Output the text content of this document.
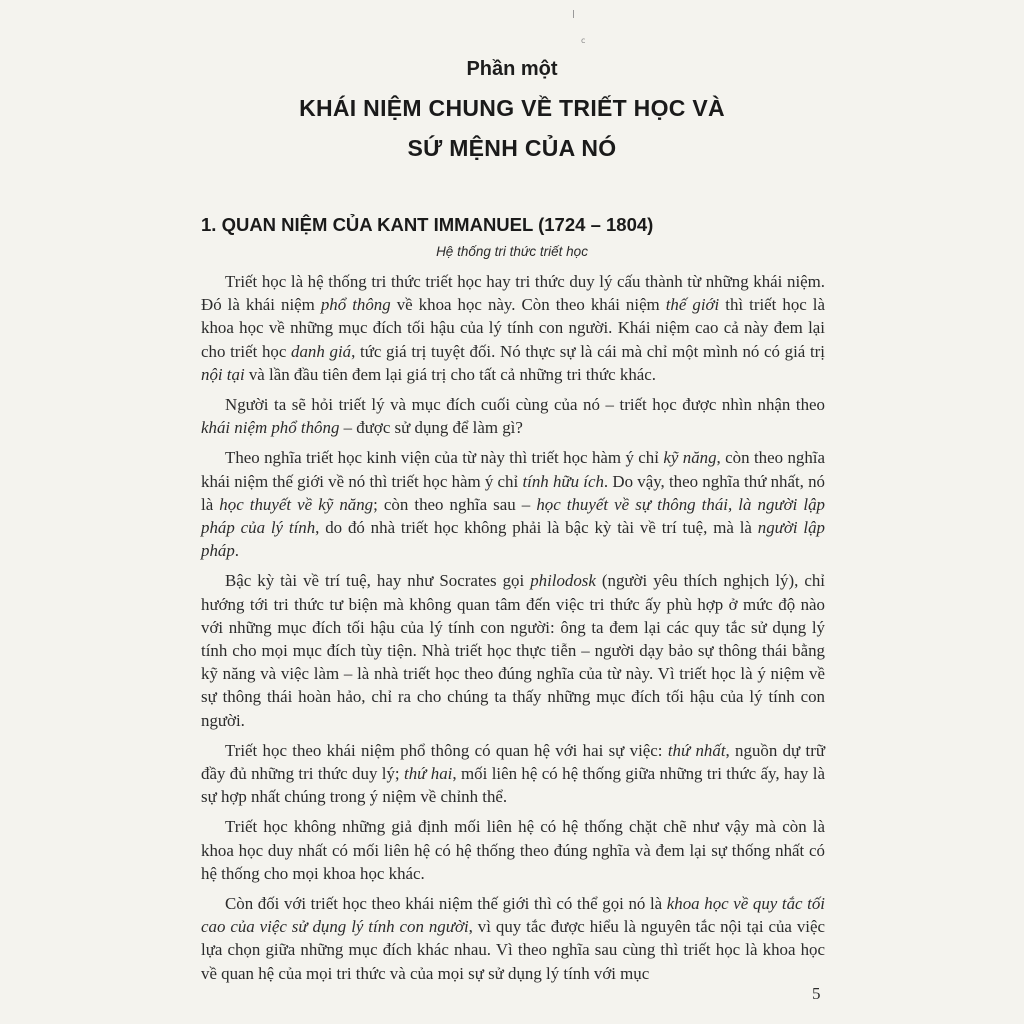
c
Phần một
KHÁI NIỆM CHUNG VỀ TRIẾT HỌC VÀ
SỨ MỆNH CỦA NÓ
1. QUAN NIỆM CỦA KANT IMMANUEL (1724 – 1804)
Hệ thống tri thức triết học

Triết học là hệ thống tri thức triết học hay tri thức duy lý cấu thành từ những khái niệm. Đó là khái niệm phổ thông về khoa học này. Còn theo khái niệm thế giới thì triết học là khoa học về những mục đích tối hậu của lý tính con người. Khái niệm cao cả này đem lại cho triết học danh giá, tức giá trị tuyệt đối. Nó thực sự là cái mà chỉ một mình nó có giá trị nội tại và lần đầu tiên đem lại giá trị cho tất cả những tri thức khác.

Người ta sẽ hỏi triết lý và mục đích cuối cùng của nó – triết học được nhìn nhận theo khái niệm phổ thông – được sử dụng để làm gì?

Theo nghĩa triết học kinh viện của từ này thì triết học hàm ý chỉ kỹ năng, còn theo nghĩa khái niệm thế giới về nó thì triết học hàm ý chỉ tính hữu ích. Do vậy, theo nghĩa thứ nhất, nó là học thuyết về kỹ năng; còn theo nghĩa sau – học thuyết về sự thông thái, là người lập pháp của lý tính, do đó nhà triết học không phải là bậc kỳ tài về trí tuệ, mà là người lập pháp.

Bậc kỳ tài về trí tuệ, hay như Socrates gọi philodosk (người yêu thích nghịch lý), chỉ hướng tới tri thức tư biện mà không quan tâm đến việc tri thức ấy phù hợp ở mức độ nào với những mục đích tối hậu của lý tính con người: ông ta đem lại các quy tắc sử dụng lý tính cho mọi mục đích tùy tiện. Nhà triết học thực tiễn – người dạy bảo sự thông thái bằng kỹ năng và việc làm – là nhà triết học theo đúng nghĩa của từ này. Vì triết học là ý niệm về sự thông thái hoàn hảo, chỉ ra cho chúng ta thấy những mục đích tối hậu của lý tính con người.

Triết học theo khái niệm phổ thông có quan hệ với hai sự việc: thứ nhất, nguồn dự trữ đầy đủ những tri thức duy lý; thứ hai, mối liên hệ có hệ thống giữa những tri thức ấy, hay là sự hợp nhất chúng trong ý niệm về chỉnh thể.

Triết học không những giả định mối liên hệ có hệ thống chặt chẽ như vậy mà còn là khoa học duy nhất có mối liên hệ có hệ thống theo đúng nghĩa và đem lại sự thống nhất có hệ thống cho mọi khoa học khác.

Còn đối với triết học theo khái niệm thế giới thì có thể gọi nó là khoa học về quy tắc tối cao của việc sử dụng lý tính con người, vì quy tắc được hiểu là nguyên tắc nội tại của việc lựa chọn giữa những mục đích khác nhau. Vì theo nghĩa sau cùng thì triết học là khoa học về quan hệ của mọi tri thức và của mọi sự sử dụng lý tính với mục

5
